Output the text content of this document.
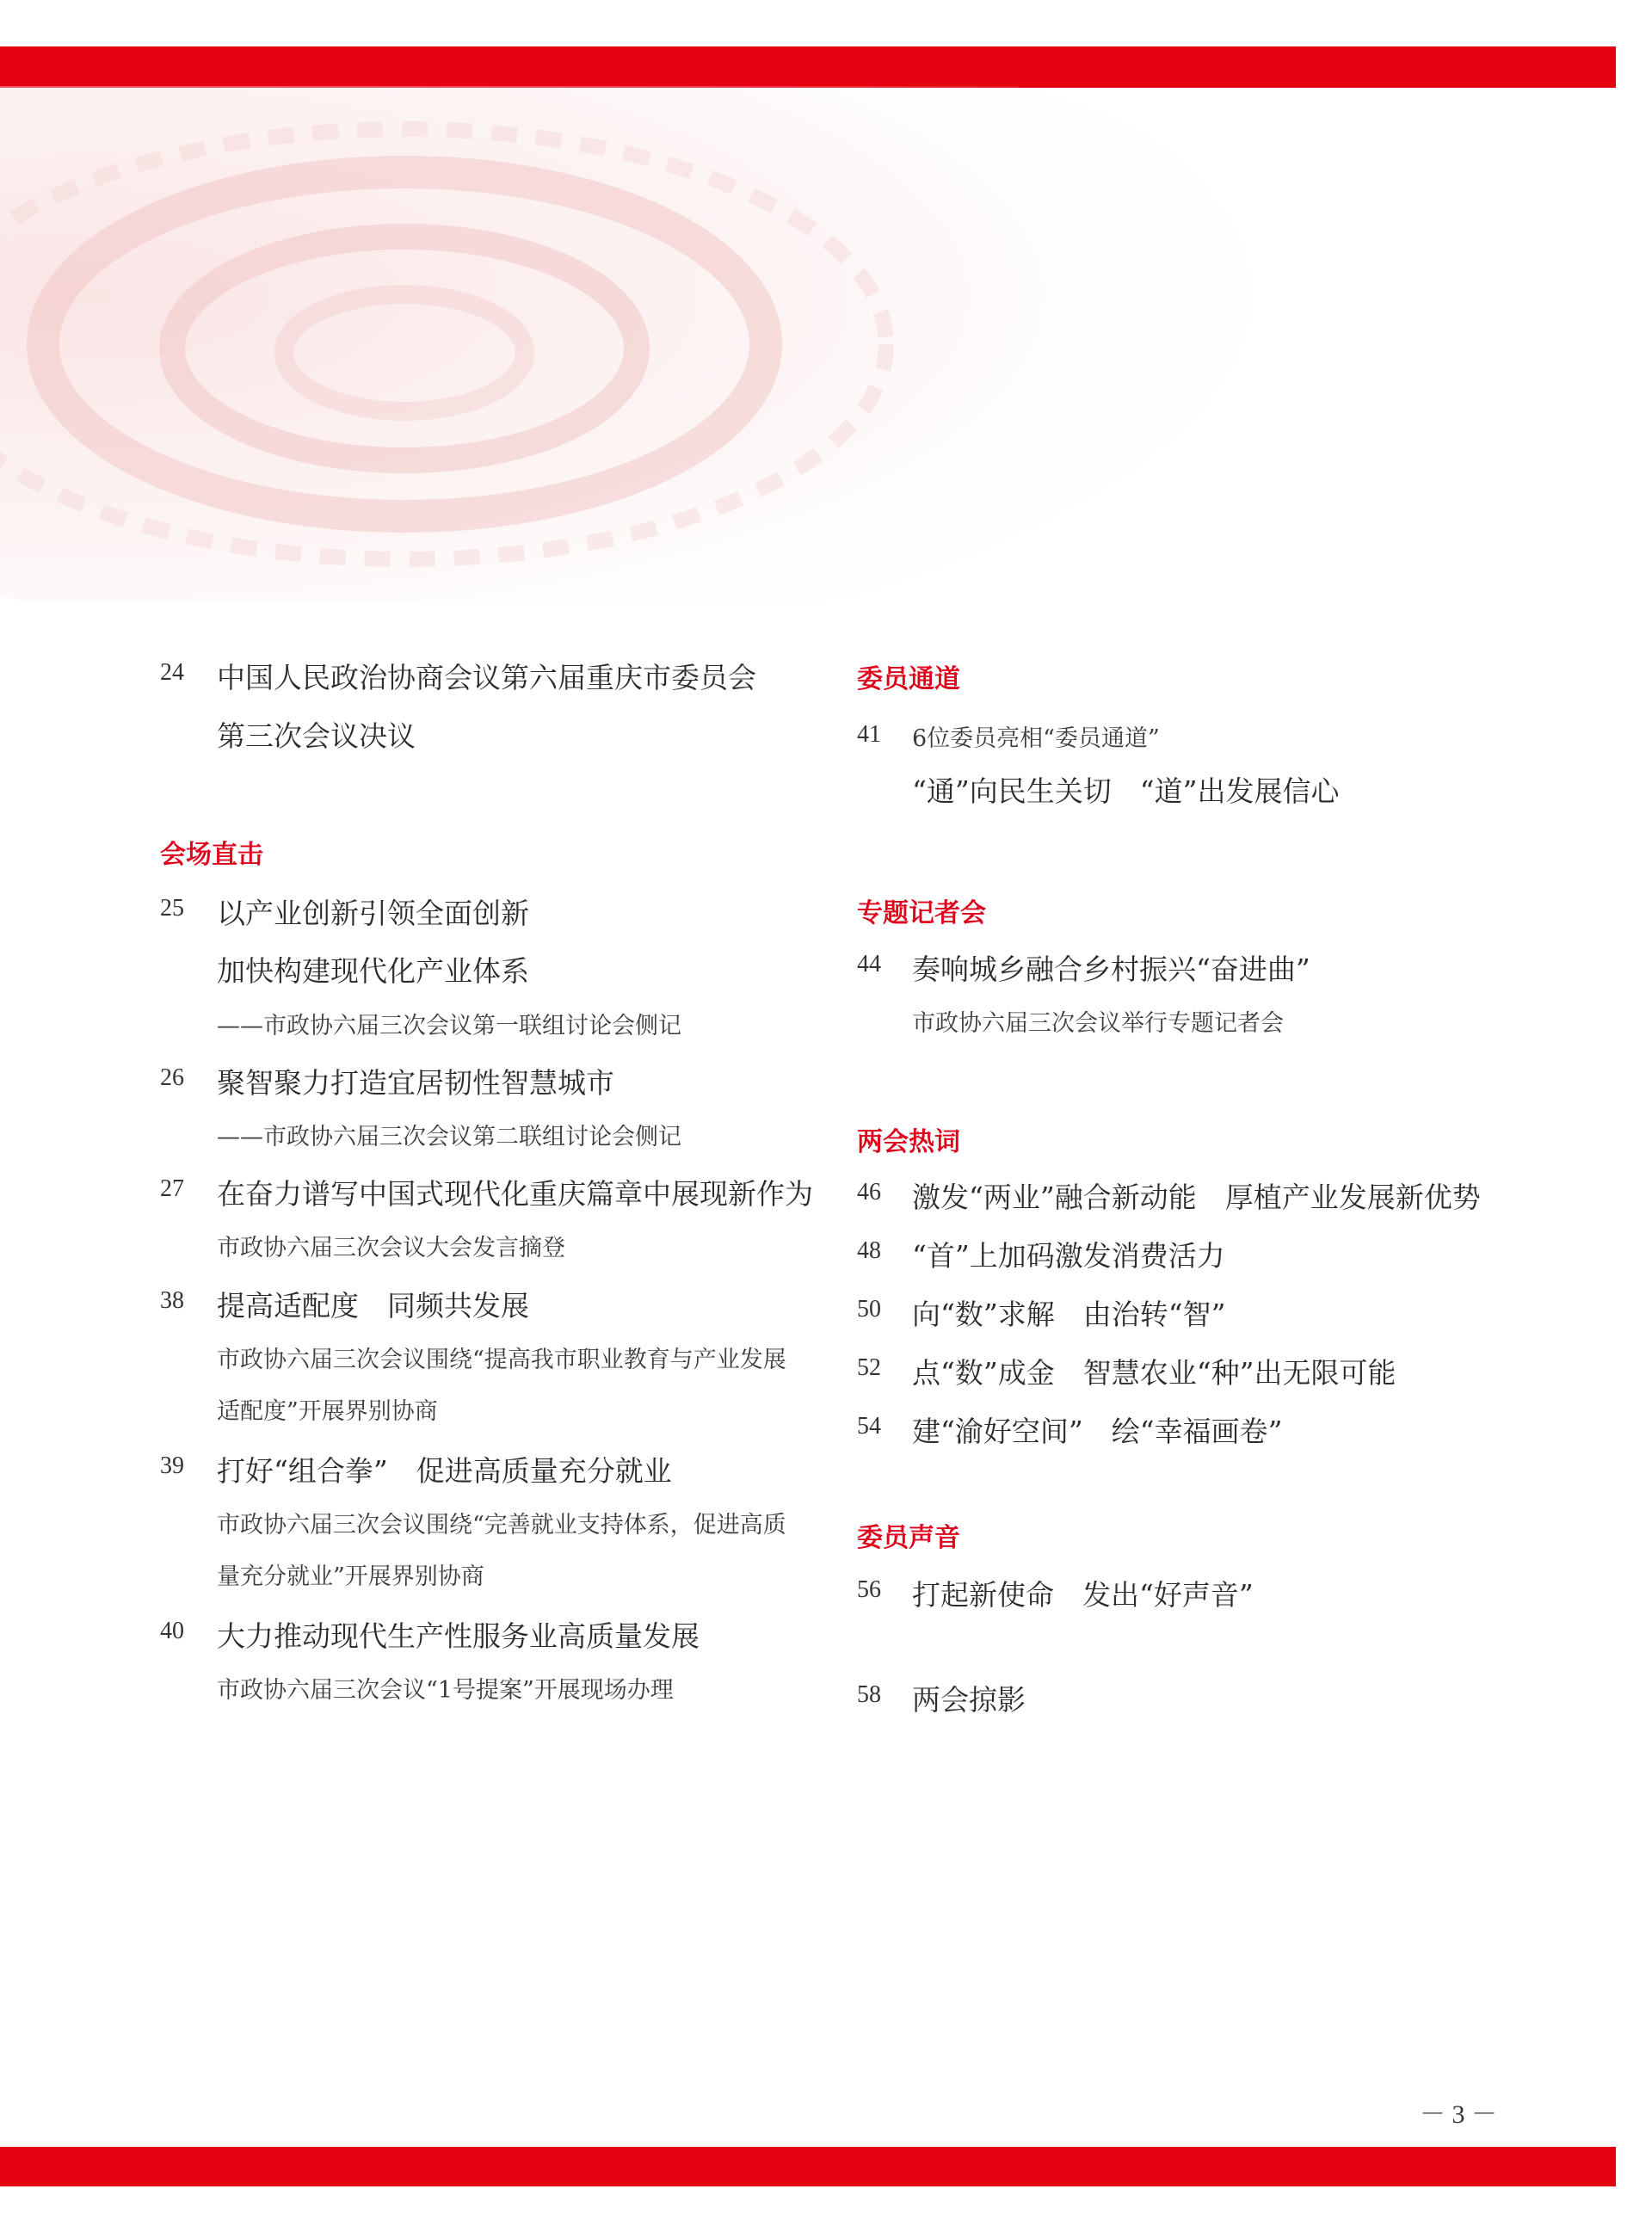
24 中国人民政治协商会议第六届重庆市委员会
第三次会议决议
会场直击
25 以产业创新引领全面创新
加快构建现代化产业体系
——市政协六届三次会议第一联组讨论会侧记
26 聚智聚力打造宜居韧性智慧城市
——市政协六届三次会议第二联组讨论会侧记
27 在奋力谱写中国式现代化重庆篇章中展现新作为
市政协六届三次会议大会发言摘登
38 提高适配度　同频共发展
市政协六届三次会议围绕“提高我市职业教育与产业发展
适配度”开展界别协商
39 打好“组合拳”　促进高质量充分就业
市政协六届三次会议围绕“完善就业支持体系，促进高质
量充分就业”开展界别协商
40 大力推动现代生产性服务业高质量发展
市政协六届三次会议“1号提案”开展现场办理
委员通道
41 6位委员亮相“委员通道”
“通”向民生关切　“道”出发展信心
专题记者会
44 奏响城乡融合乡村振兴“奋进曲”
市政协六届三次会议举行专题记者会
两会热词
46 激发“两业”融合新动能　厚植产业发展新优势
48 “首”上加码激发消费活力
50 向“数”求解　由治转“智”
52 点“数”成金　智慧农业“种”出无限可能
54 建“渝好空间”　绘“幸福画卷”
委员声音
56 打起新使命　发出“好声音”
58 两会掠影
－ 3 －
